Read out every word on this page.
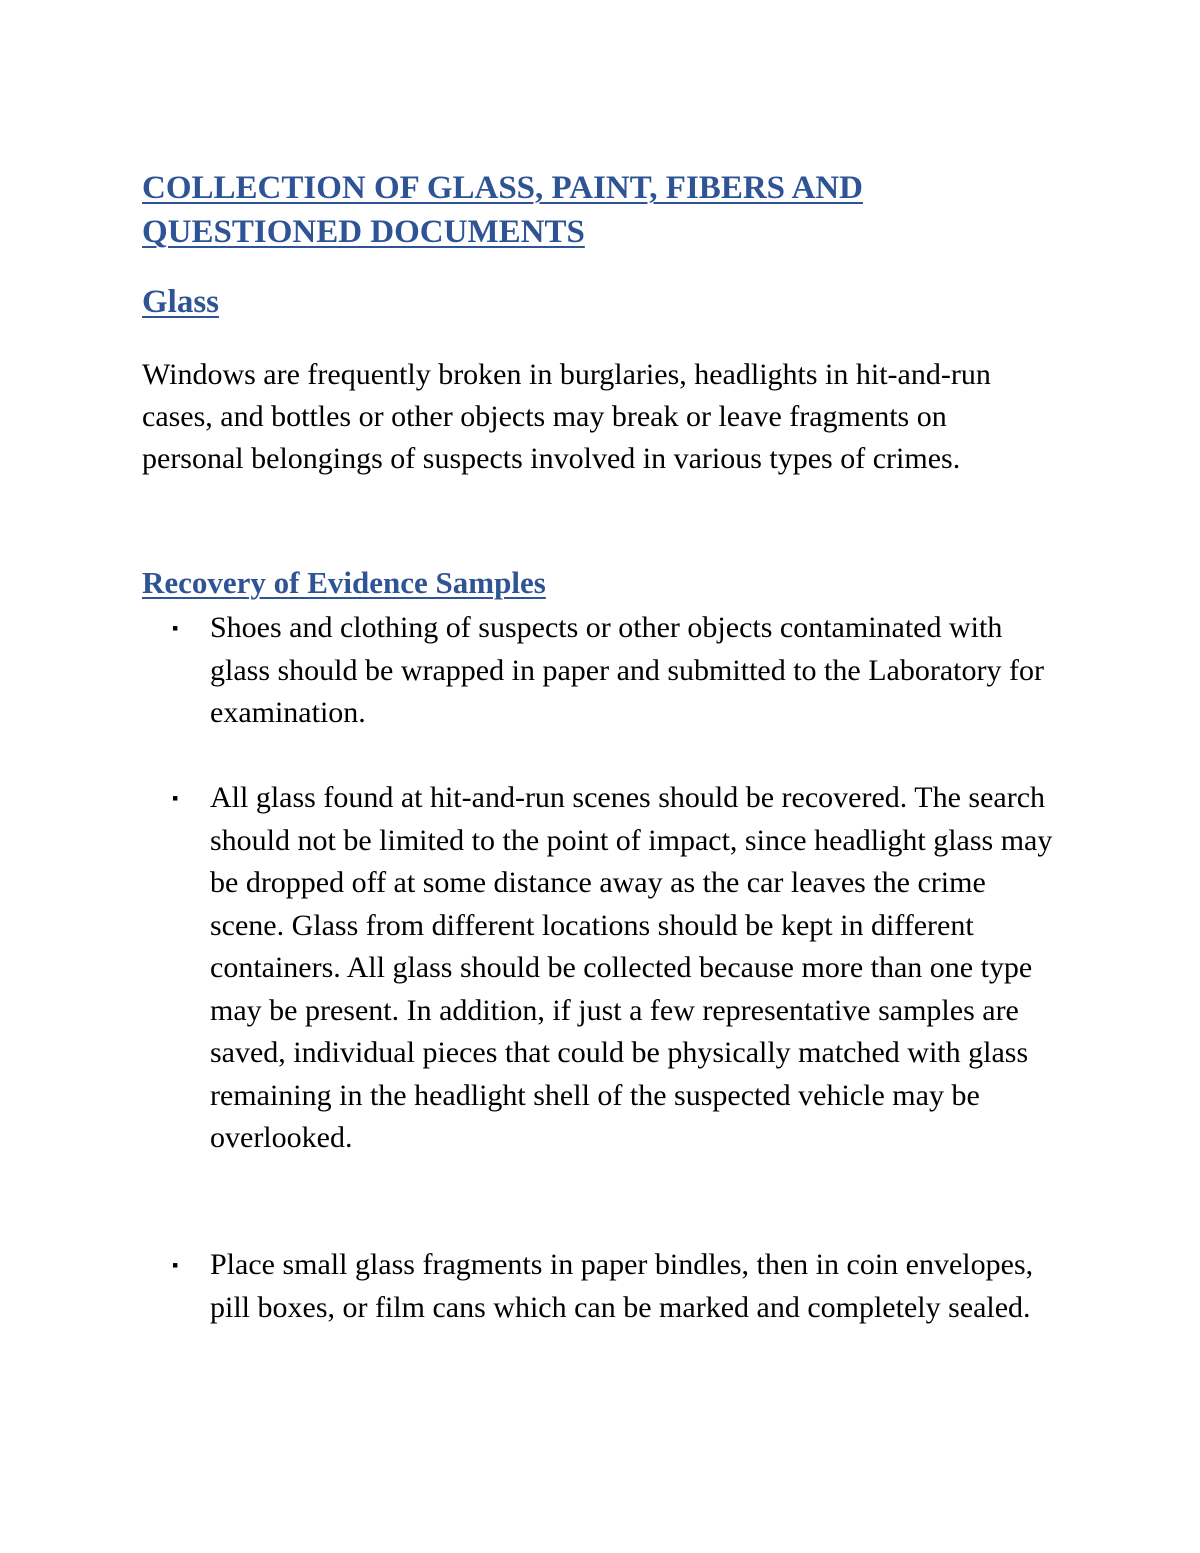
COLLECTION OF GLASS, PAINT, FIBERS AND QUESTIONED DOCUMENTS
Glass

Windows are frequently broken in burglaries, headlights in hit-and-run cases, and bottles or other objects may break or leave fragments on personal belongings of suspects involved in various types of crimes.

Recovery of Evidence Samples
▪ Shoes and clothing of suspects or other objects contaminated with glass should be wrapped in paper and submitted to the Laboratory for examination.

▪ All glass found at hit-and-run scenes should be recovered. The search should not be limited to the point of impact, since headlight glass may be dropped off at some distance away as the car leaves the crime scene. Glass from different locations should be kept in different containers. All glass should be collected because more than one type may be present. In addition, if just a few representative samples are saved, individual pieces that could be physically matched with glass remaining in the headlight shell of the suspected vehicle may be overlooked.

▪ Place small glass fragments in paper bindles, then in coin envelopes, pill boxes, or film cans which can be marked and completely sealed.
